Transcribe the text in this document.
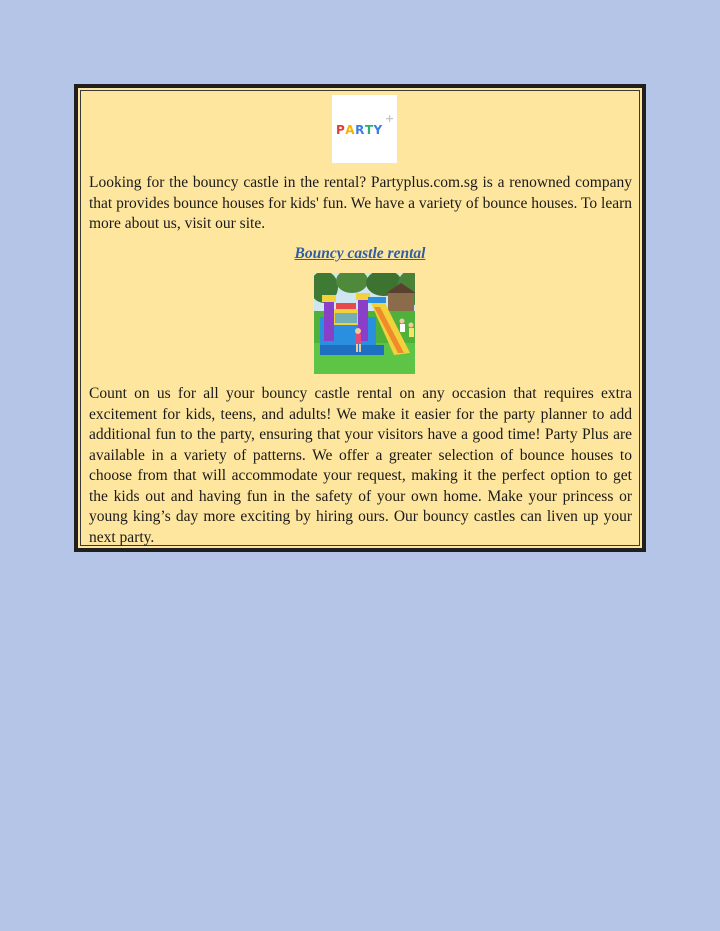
PARTY
+

Looking for the bouncy castle in the rental? Partyplus.com.sg is a renowned company that provides bounce houses for kids' fun. We have a variety of bounce houses. To learn more about us, visit our site.

Bouncy castle rental

Count on us for all your bouncy castle rental on any occasion that requires extra excitement for kids, teens, and adults! We make it easier for the party planner to add additional fun to the party, ensuring that your visitors have a good time! Party Plus are available in a variety of patterns. We offer a greater selection of bounce houses to choose from that will accommodate your request, making it the perfect option to get the kids out and having fun in the safety of your own home. Make your princess or young king’s day more exciting by hiring ours. Our bouncy castles can liven up your next party.
